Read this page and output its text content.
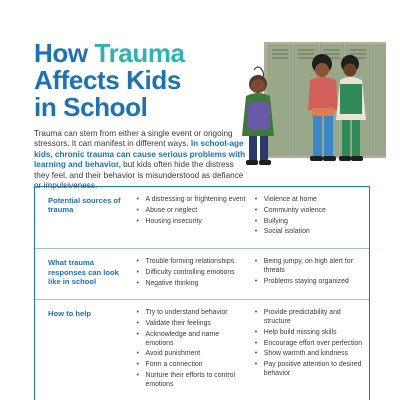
How Trauma
Affects Kids
in School

Trauma can stem from either a single event or ongoing stressors. It can manifest in different ways. In school-age kids, chronic trauma can cause serious problems with learning and behavior, but kids often hide the distress they feel, and their behavior is misunderstood as defiance or impulsiveness.

Potential sources of trauma
• A distressing or frightening event
• Abuse or neglect
• Housing insecurity
• Violence at home
• Community violence
• Bullying
• Social isolation
What trauma responses can look like in school
• Trouble forming relationships
• Difficulty controlling emotions
• Negative thinking
• Being jumpy, on high alert for threats
• Problems staying organized
How to help
•	Try to understand behavior
• Validate their feelings
• Acknowledge and name emotions
• Avoid punishment
• Form a connection
• Nurture their efforts to control emotions
• Provide predictability and structure
• Help build missing skills
• Encourage effort over perfection
• Show warmth and kindness
• Pay positive attention to desired behavior
